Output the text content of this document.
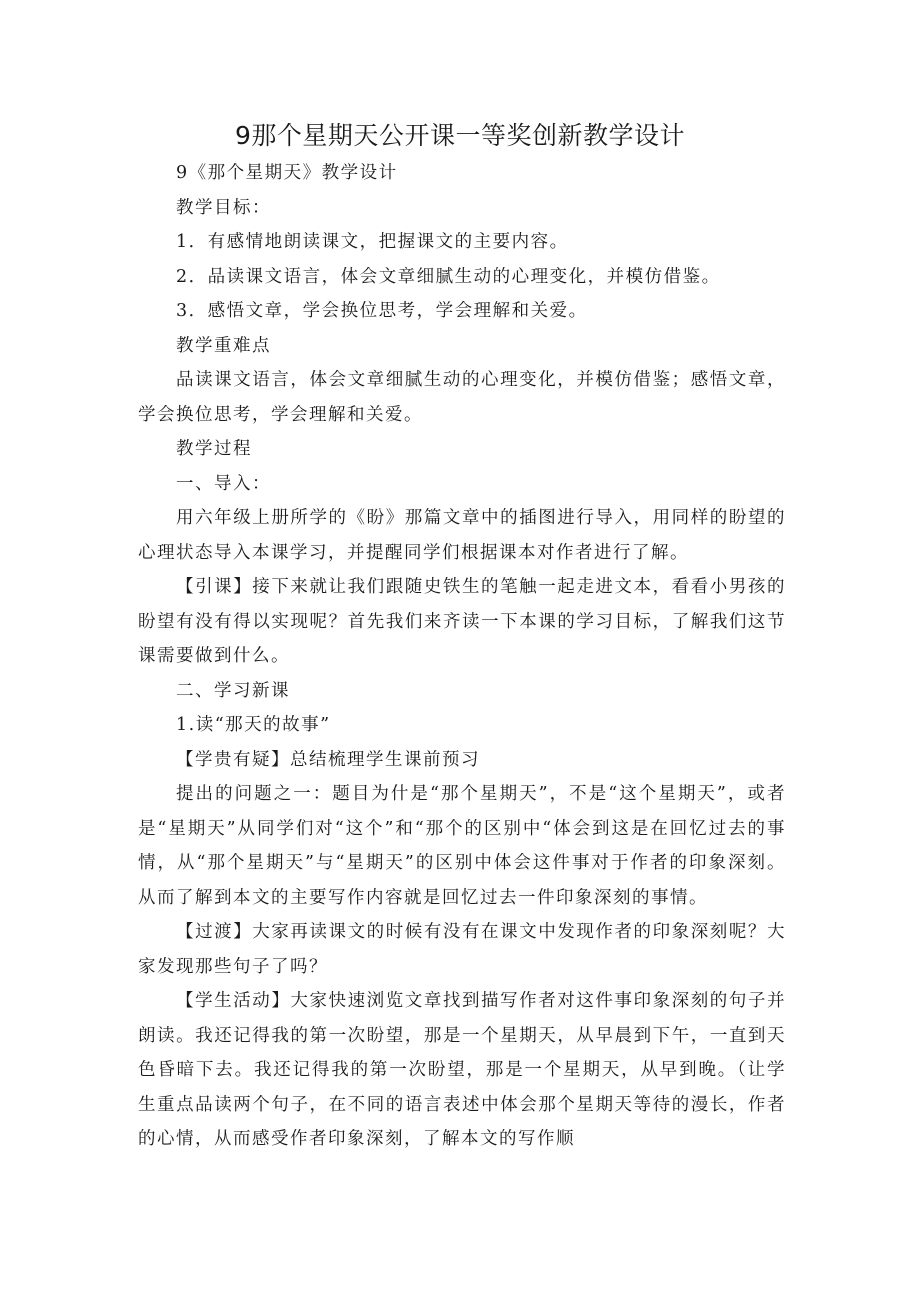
9那个星期天公开课一等奖创新教学设计

9《那个星期天》教学设计

教学目标：

1．有感情地朗读课文，把握课文的主要内容。

2．品读课文语言，体会文章细腻生动的心理变化，并模仿借鉴。

3．感悟文章，学会换位思考，学会理解和关爱。

教学重难点

品读课文语言，体会文章细腻生动的心理变化，并模仿借鉴；感悟文章，学会换位思考，学会理解和关爱。

教学过程

一、导入：

用六年级上册所学的《盼》那篇文章中的插图进行导入，用同样的盼望的心理状态导入本课学习，并提醒同学们根据课本对作者进行了解。

【引课】接下来就让我们跟随史铁生的笔触一起走进文本，看看小男孩的盼望有没有得以实现呢？首先我们来齐读一下本课的学习目标，了解我们这节课需要做到什么。

二、学习新课

1.读“那天的故事”

【学贵有疑】总结梳理学生课前预习

提出的问题之一：题目为什是“那个星期天”，不是“这个星期天”，或者是“星期天”从同学们对“这个”和“那个的区别中“体会到这是在回忆过去的事情，从“那个星期天”与“星期天”的区别中体会这件事对于作者的印象深刻。从而了解到本文的主要写作内容就是回忆过去一件印象深刻的事情。

【过渡】大家再读课文的时候有没有在课文中发现作者的印象深刻呢？大家发现那些句子了吗？

【学生活动】大家快速浏览文章找到描写作者对这件事印象深刻的句子并朗读。我还记得我的第一次盼望，那是一个星期天，从早晨到下午，一直到天色昏暗下去。我还记得我的第一次盼望，那是一个星期天，从早到晚。（让学生重点品读两个句子，在不同的语言表述中体会那个星期天等待的漫长，作者的心情，从而感受作者印象深刻，了解本文的写作顺
